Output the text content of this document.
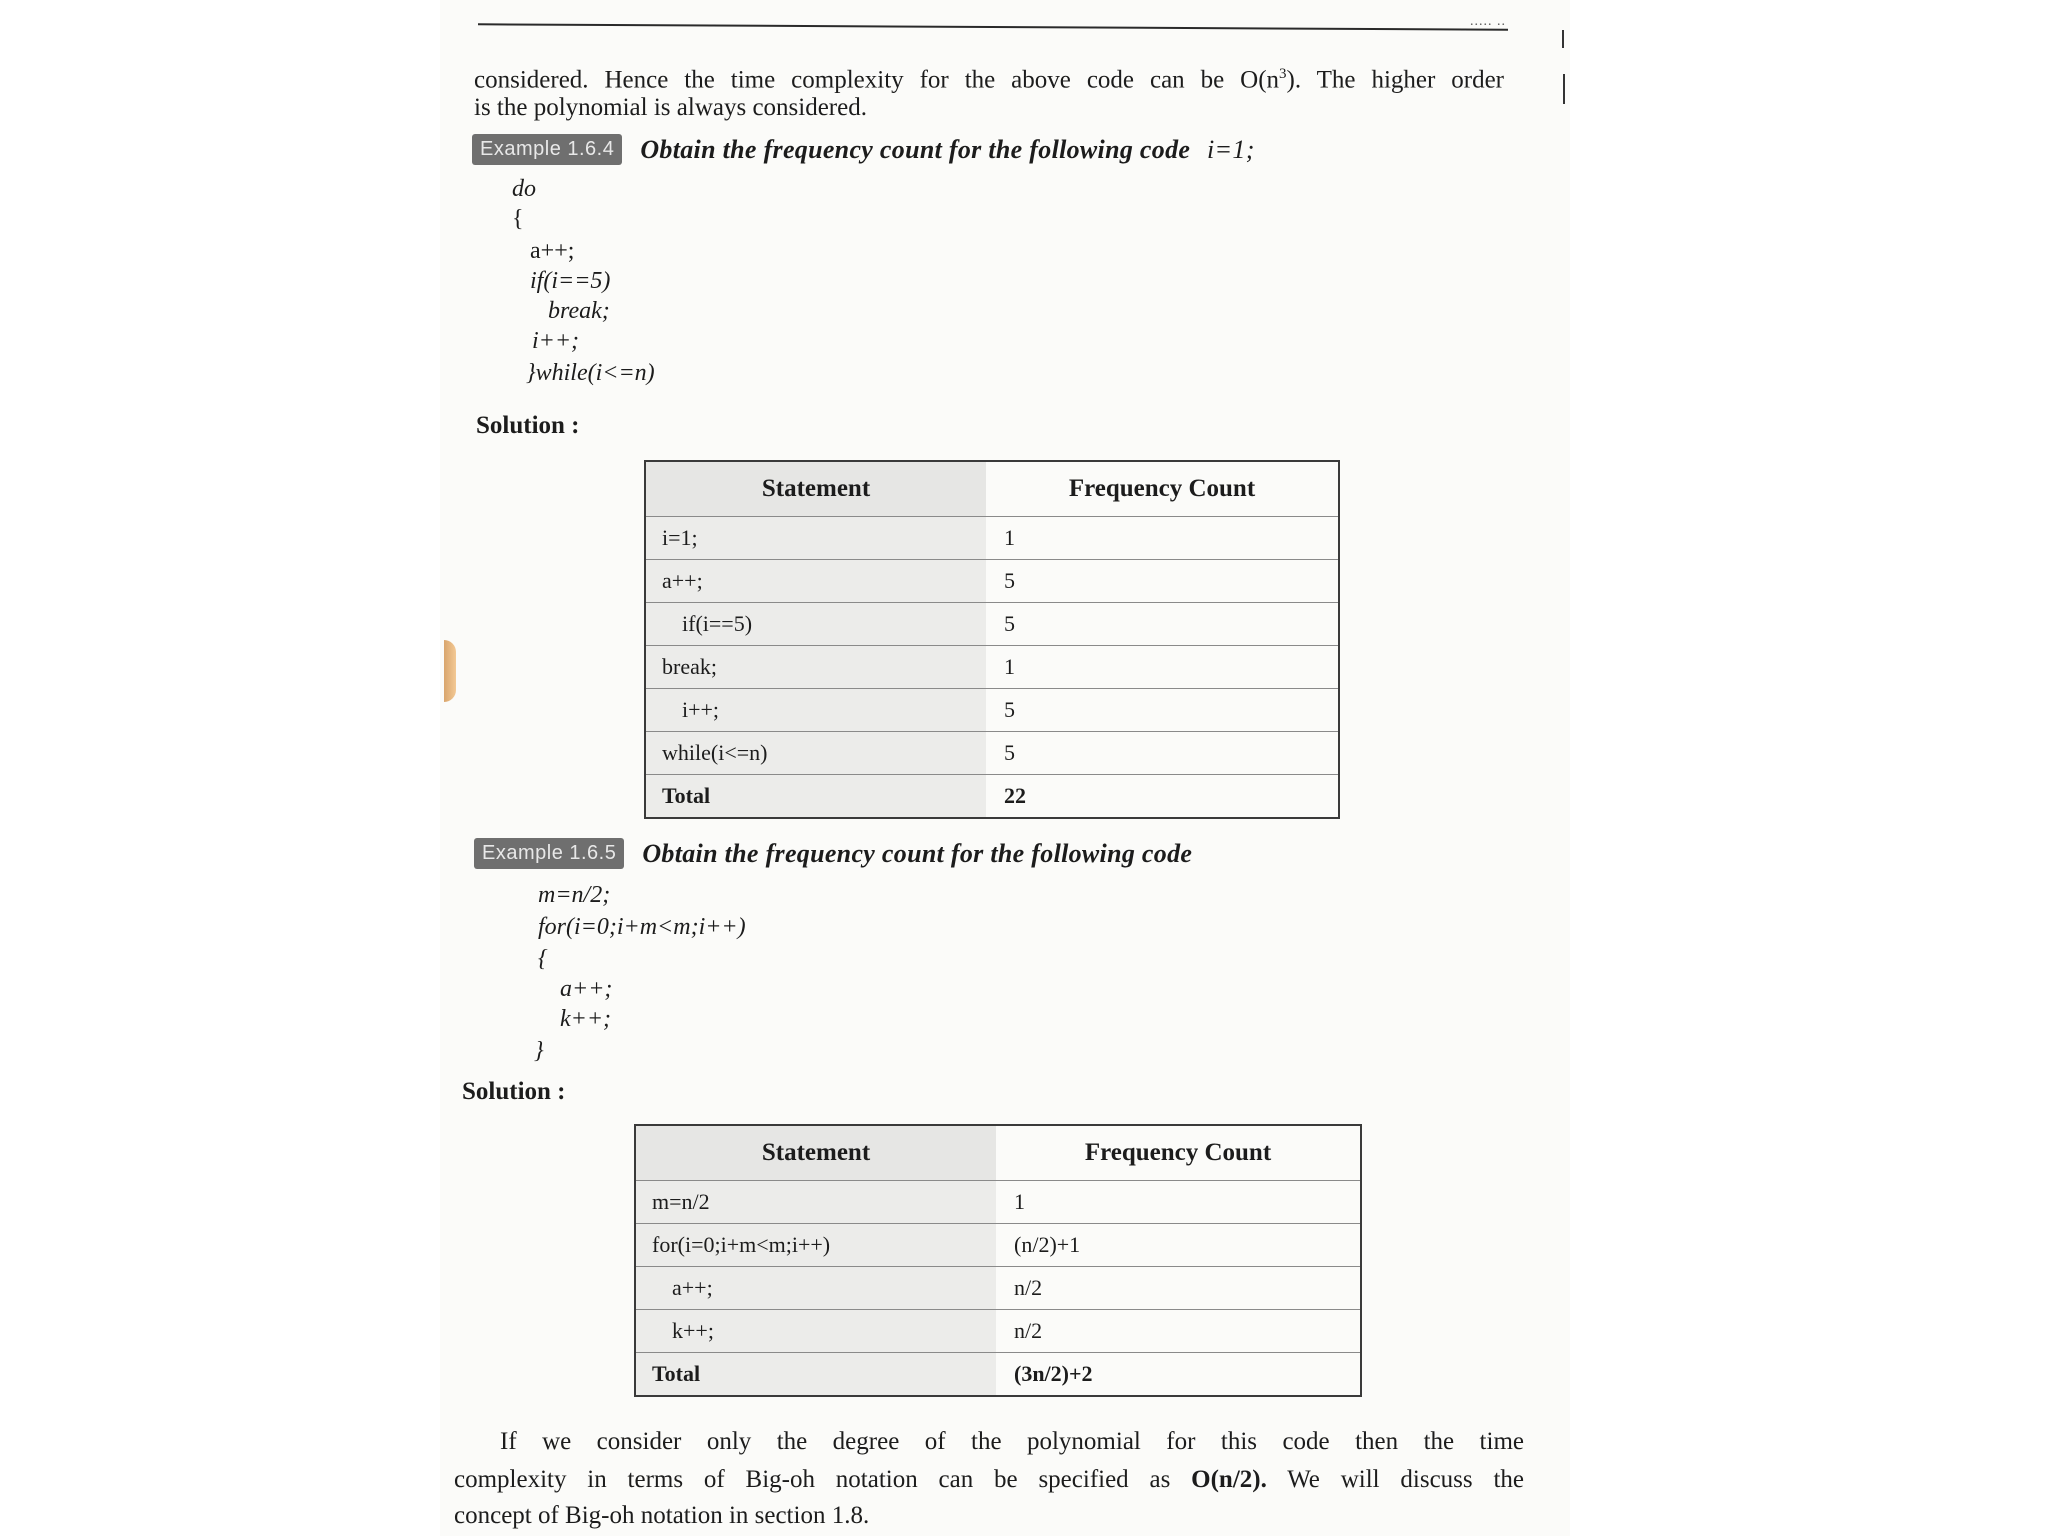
..... ..
considered. Hence the time complexity for the above code can be $O(n^3)$. The higher order
is the polynomial is always considered.
Example 1.6.4	Obtain the frequency count for the following code i=1;
do
{
a++;
if(i==5)
break;
i++;
}while(i<=n)
Solution :
Statement	Frequency Count
i=1;	1
a++;	5
if(i==5)	5
break;	1
i++;	5
while(i<=n)	5
Total	22
Example 1.6.5	Obtain the frequency count for the following code
m=n/2;
for(i=0;i+m<m;i++)
{
a++;
k++;
}
Solution :
Statement	Frequency Count
m=n/2	1
for(i=0;i+m<m;i++)	(n/2)+1
a++;	n/2
k++;	n/2
Total	(3n/2)+2
If we consider only the degree of the polynomial for this code then the time
complexity in terms of Big-oh notation can be specified as O(n/2). We will discuss the
concept of Big-oh notation in section 1.8.
